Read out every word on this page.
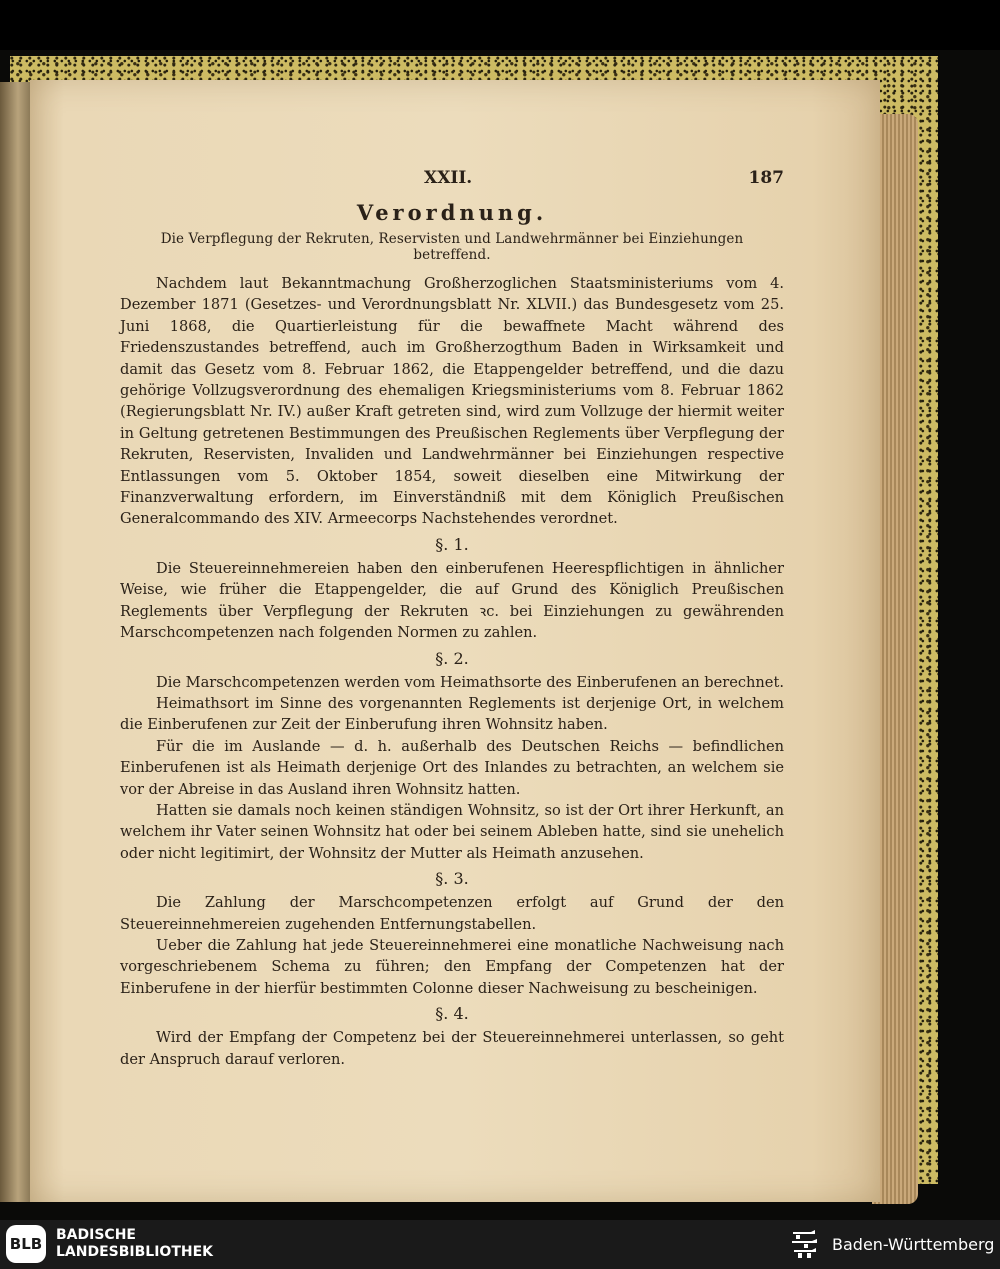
XXII.	187
Verordnung.
Die Verpflegung der Rekruten, Reservisten und Landwehrmänner bei Einziehungen betreffend.

Nachdem laut Bekanntmachung Großherzoglichen Staatsministeriums vom 4. Dezember 1871 (Gesetzes- und Verordnungsblatt Nr. XLVII.) das Bundesgesetz vom 25. Juni 1868, die Quartierleistung für die bewaffnete Macht während des Friedenszustandes betreffend, auch im Großherzogthum Baden in Wirksamkeit und damit das Gesetz vom 8. Februar 1862, die Etappengelder betreffend, und die dazu gehörige Vollzugsverordnung des ehemaligen Kriegsministeriums vom 8. Februar 1862 (Regierungsblatt Nr. IV.) außer Kraft getreten sind, wird zum Vollzuge der hiermit weiter in Geltung getretenen Bestimmungen des Preußischen Reglements über Verpflegung der Rekruten, Reservisten, Invaliden und Landwehrmänner bei Einziehungen respective Entlassungen vom 5. Oktober 1854, soweit dieselben eine Mitwirkung der Finanzverwaltung erfordern, im Einverständniß mit dem Königlich Preußischen Generalcommando des XIV. Armeecorps Nachstehendes verordnet.

§. 1.

Die Steuereinnehmereien haben den einberufenen Heerespflichtigen in ähnlicher Weise, wie früher die Etappengelder, die auf Grund des Königlich Preußischen Reglements über Verpflegung der Rekruten ꝛc. bei Einziehungen zu gewährenden Marschcompetenzen nach folgenden Normen zu zahlen.

§. 2.

Die Marschcompetenzen werden vom Heimathsorte des Einberufenen an berechnet.

Heimathsort im Sinne des vorgenannten Reglements ist derjenige Ort, in welchem die Einberufenen zur Zeit der Einberufung ihren Wohnsitz haben.

Für die im Auslande — d. h. außerhalb des Deutschen Reichs — befindlichen Einberufenen ist als Heimath derjenige Ort des Inlandes zu betrachten, an welchem sie vor der Abreise in das Ausland ihren Wohnsitz hatten.

Hatten sie damals noch keinen ständigen Wohnsitz, so ist der Ort ihrer Herkunft, an welchem ihr Vater seinen Wohnsitz hat oder bei seinem Ableben hatte, sind sie unehelich oder nicht legitimirt, der Wohnsitz der Mutter als Heimath anzusehen.

§. 3.

Die Zahlung der Marschcompetenzen erfolgt auf Grund der den Steuereinnehmereien zugehenden Entfernungstabellen.

Ueber die Zahlung hat jede Steuereinnehmerei eine monatliche Nachweisung nach vorgeschriebenem Schema zu führen; den Empfang der Competenzen hat der Einberufene in der hierfür bestimmten Colonne dieser Nachweisung zu bescheinigen.

§. 4.

Wird der Empfang der Competenz bei der Steuereinnehmerei unterlassen, so geht der Anspruch darauf verloren.

BLB BADISCHE
LANDESBIBLIOTHEK	Baden-Württemberg
